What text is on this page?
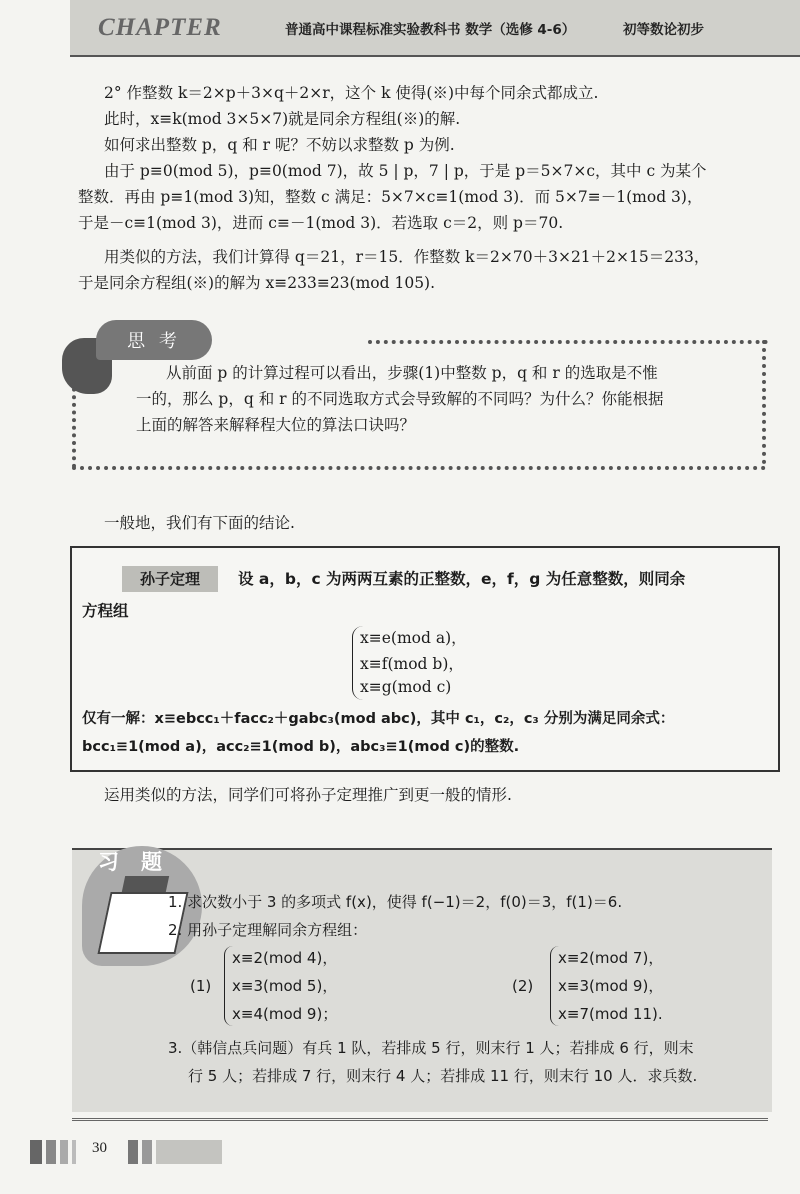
CHAPTER	普通高中课程标准实验教科书 数学（选修 4-6）	初等数论初步

2° 作整数 k＝2×p＋3×q＋2×r，这个 k 使得(※)中每个同余式都成立.

此时，x≡k(mod 3×5×7)就是同余方程组(※)的解.

如何求出整数 p，q 和 r 呢？不妨以求整数 p 为例.

由于 p≡0(mod 5)，p≡0(mod 7)，故 5 | p，7 | p，于是 p＝5×7×c，其中 c 为某个

整数．再由 p≡1(mod 3)知，整数 c 满足：5×7×c≡1(mod 3)．而 5×7≡－1(mod 3)，

于是－c≡1(mod 3)，进而 c≡－1(mod 3)．若选取 c＝2，则 p＝70.

用类似的方法，我们计算得 q＝21，r＝15．作整数 k＝2×70＋3×21＋2×15＝233，

于是同余方程组(※)的解为 x≡233≡23(mod 105).

思 考
从前面 p 的计算过程可以看出，步骤(1)中整数 p，q 和 r 的选取是不惟
一的，那么 p，q 和 r 的不同选取方式会导致解的不同吗？为什么？你能根据
上面的解答来解释程大位的算法口诀吗？

一般地，我们有下面的结论.

孙子定理	设 a，b，c 为两两互素的正整数，e，f，g 为任意整数，则同余
方程组
x≡e(mod a)，
x≡f(mod b)，
x≡g(mod c)
仅有一解：x≡ebcc₁＋facc₂＋gabc₃(mod abc)，其中 c₁，c₂，c₃ 分别为满足同余式：
bcc₁≡1(mod a)，acc₂≡1(mod b)，abc₃≡1(mod c)的整数.

运用类似的方法，同学们可将孙子定理推广到更一般的情形.

习题
1. 求次数小于 3 的多项式 f(x)，使得 f(−1)＝2，f(0)＝3，f(1)＝6.
2. 用孙子定理解同余方程组：
(1)
x≡2(mod 4)，
x≡3(mod 5)，
x≡4(mod 9)；
(2)
x≡2(mod 7)，
x≡3(mod 9)，
x≡7(mod 11).
3.（韩信点兵问题）有兵 1 队，若排成 5 行，则末行 1 人；若排成 6 行，则末
行 5 人；若排成 7 行，则末行 4 人；若排成 11 行，则末行 10 人．求兵数.
30
